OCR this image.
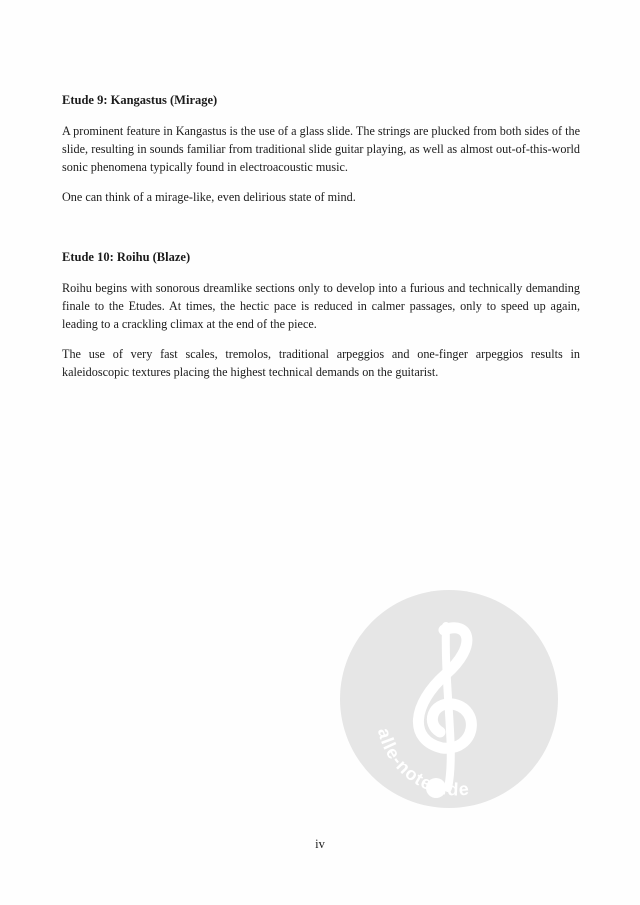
Etude 9: Kangastus (Mirage)

A prominent feature in Kangastus is the use of a glass slide. The strings are plucked from both sides of the slide, resulting in sounds familiar from traditional slide guitar playing, as well as almost out-of-this-world sonic phenomena typically found in electroacoustic music.

One can think of a mirage-like, even delirious state of mind.

Etude 10: Roihu (Blaze)

Roihu begins with sonorous dreamlike sections only to develop into a furious and technically demanding finale to the Etudes. At times, the hectic pace is reduced in calmer passages, only to speed up again, leading to a crackling climax at the end of the piece.

The use of very fast scales, tremolos, traditional arpeggios and one-finger arpeggios results in kaleidoscopic textures placing the highest technical demands on the guitarist.

alle-noten.de
iv
